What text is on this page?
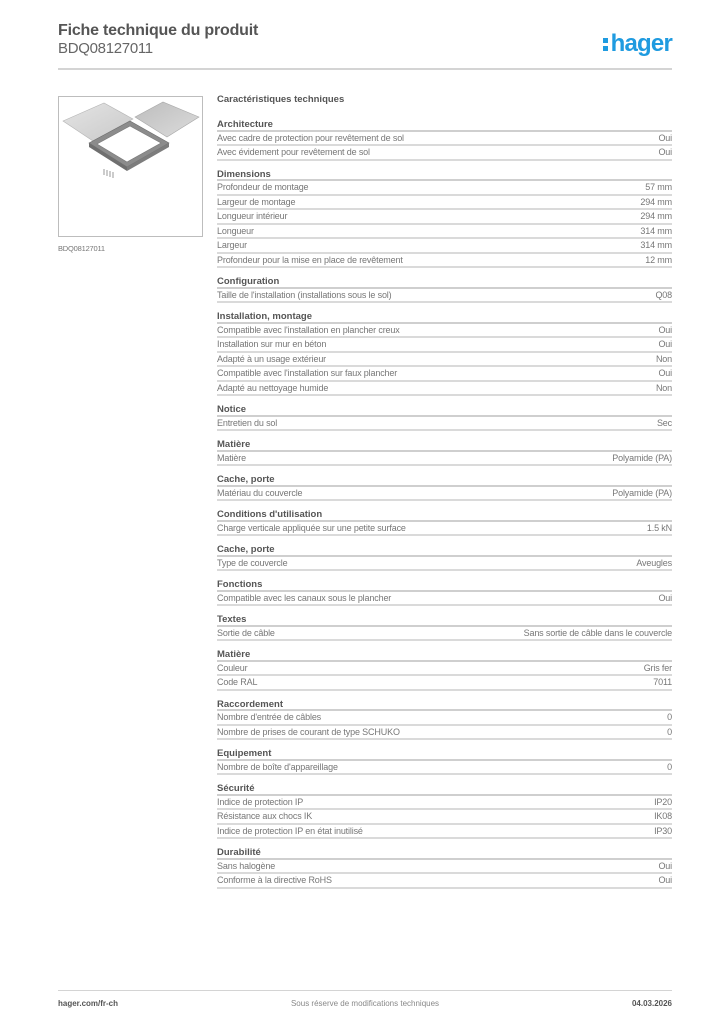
Fiche technique du produit
BDQ08127011	hager
BDQ08127011
Caractéristiques techniques
Architecture
Avec cadre de protection pour revêtement de sol	Oui
Avec évidement pour revêtement de sol	Oui
Dimensions
Profondeur de montage	57 mm
Largeur de montage	294 mm
Longueur intérieur	294 mm
Longueur	314 mm
Largeur	314 mm
Profondeur pour la mise en place de revêtement	12 mm
Configuration
Taille de l'installation (installations sous le sol)	Q08
Installation, montage
Compatible avec l'installation en plancher creux	Oui
Installation sur mur en béton	Oui
Adapté à un usage extérieur	Non
Compatible avec l'installation sur faux plancher	Oui
Adapté au nettoyage humide	Non
Notice
Entretien du sol	Sec
Matière
Matière	Polyamide (PA)
Cache, porte
Matériau du couvercle	Polyamide (PA)
Conditions d'utilisation
Charge verticale appliquée sur une petite surface	1.5 kN
Cache, porte
Type de couvercle	Aveugles
Fonctions
Compatible avec les canaux sous le plancher	Oui
Textes
Sortie de câble	Sans sortie de câble dans le couvercle
Matière
Couleur	Gris fer
Code RAL	7011
Raccordement
Nombre d'entrée de câbles	0
Nombre de prises de courant de type SCHUKO	0
Equipement
Nombre de boîte d'appareillage	0
Sécurité
Indice de protection IP	IP20
Résistance aux chocs IK	IK08
Indice de protection IP en état inutilisé	IP30
Durabilité
Sans halogène	Oui
Conforme à la directive RoHS	Oui
hager.com/fr-ch	Sous réserve de modifications techniques	04.03.2026
